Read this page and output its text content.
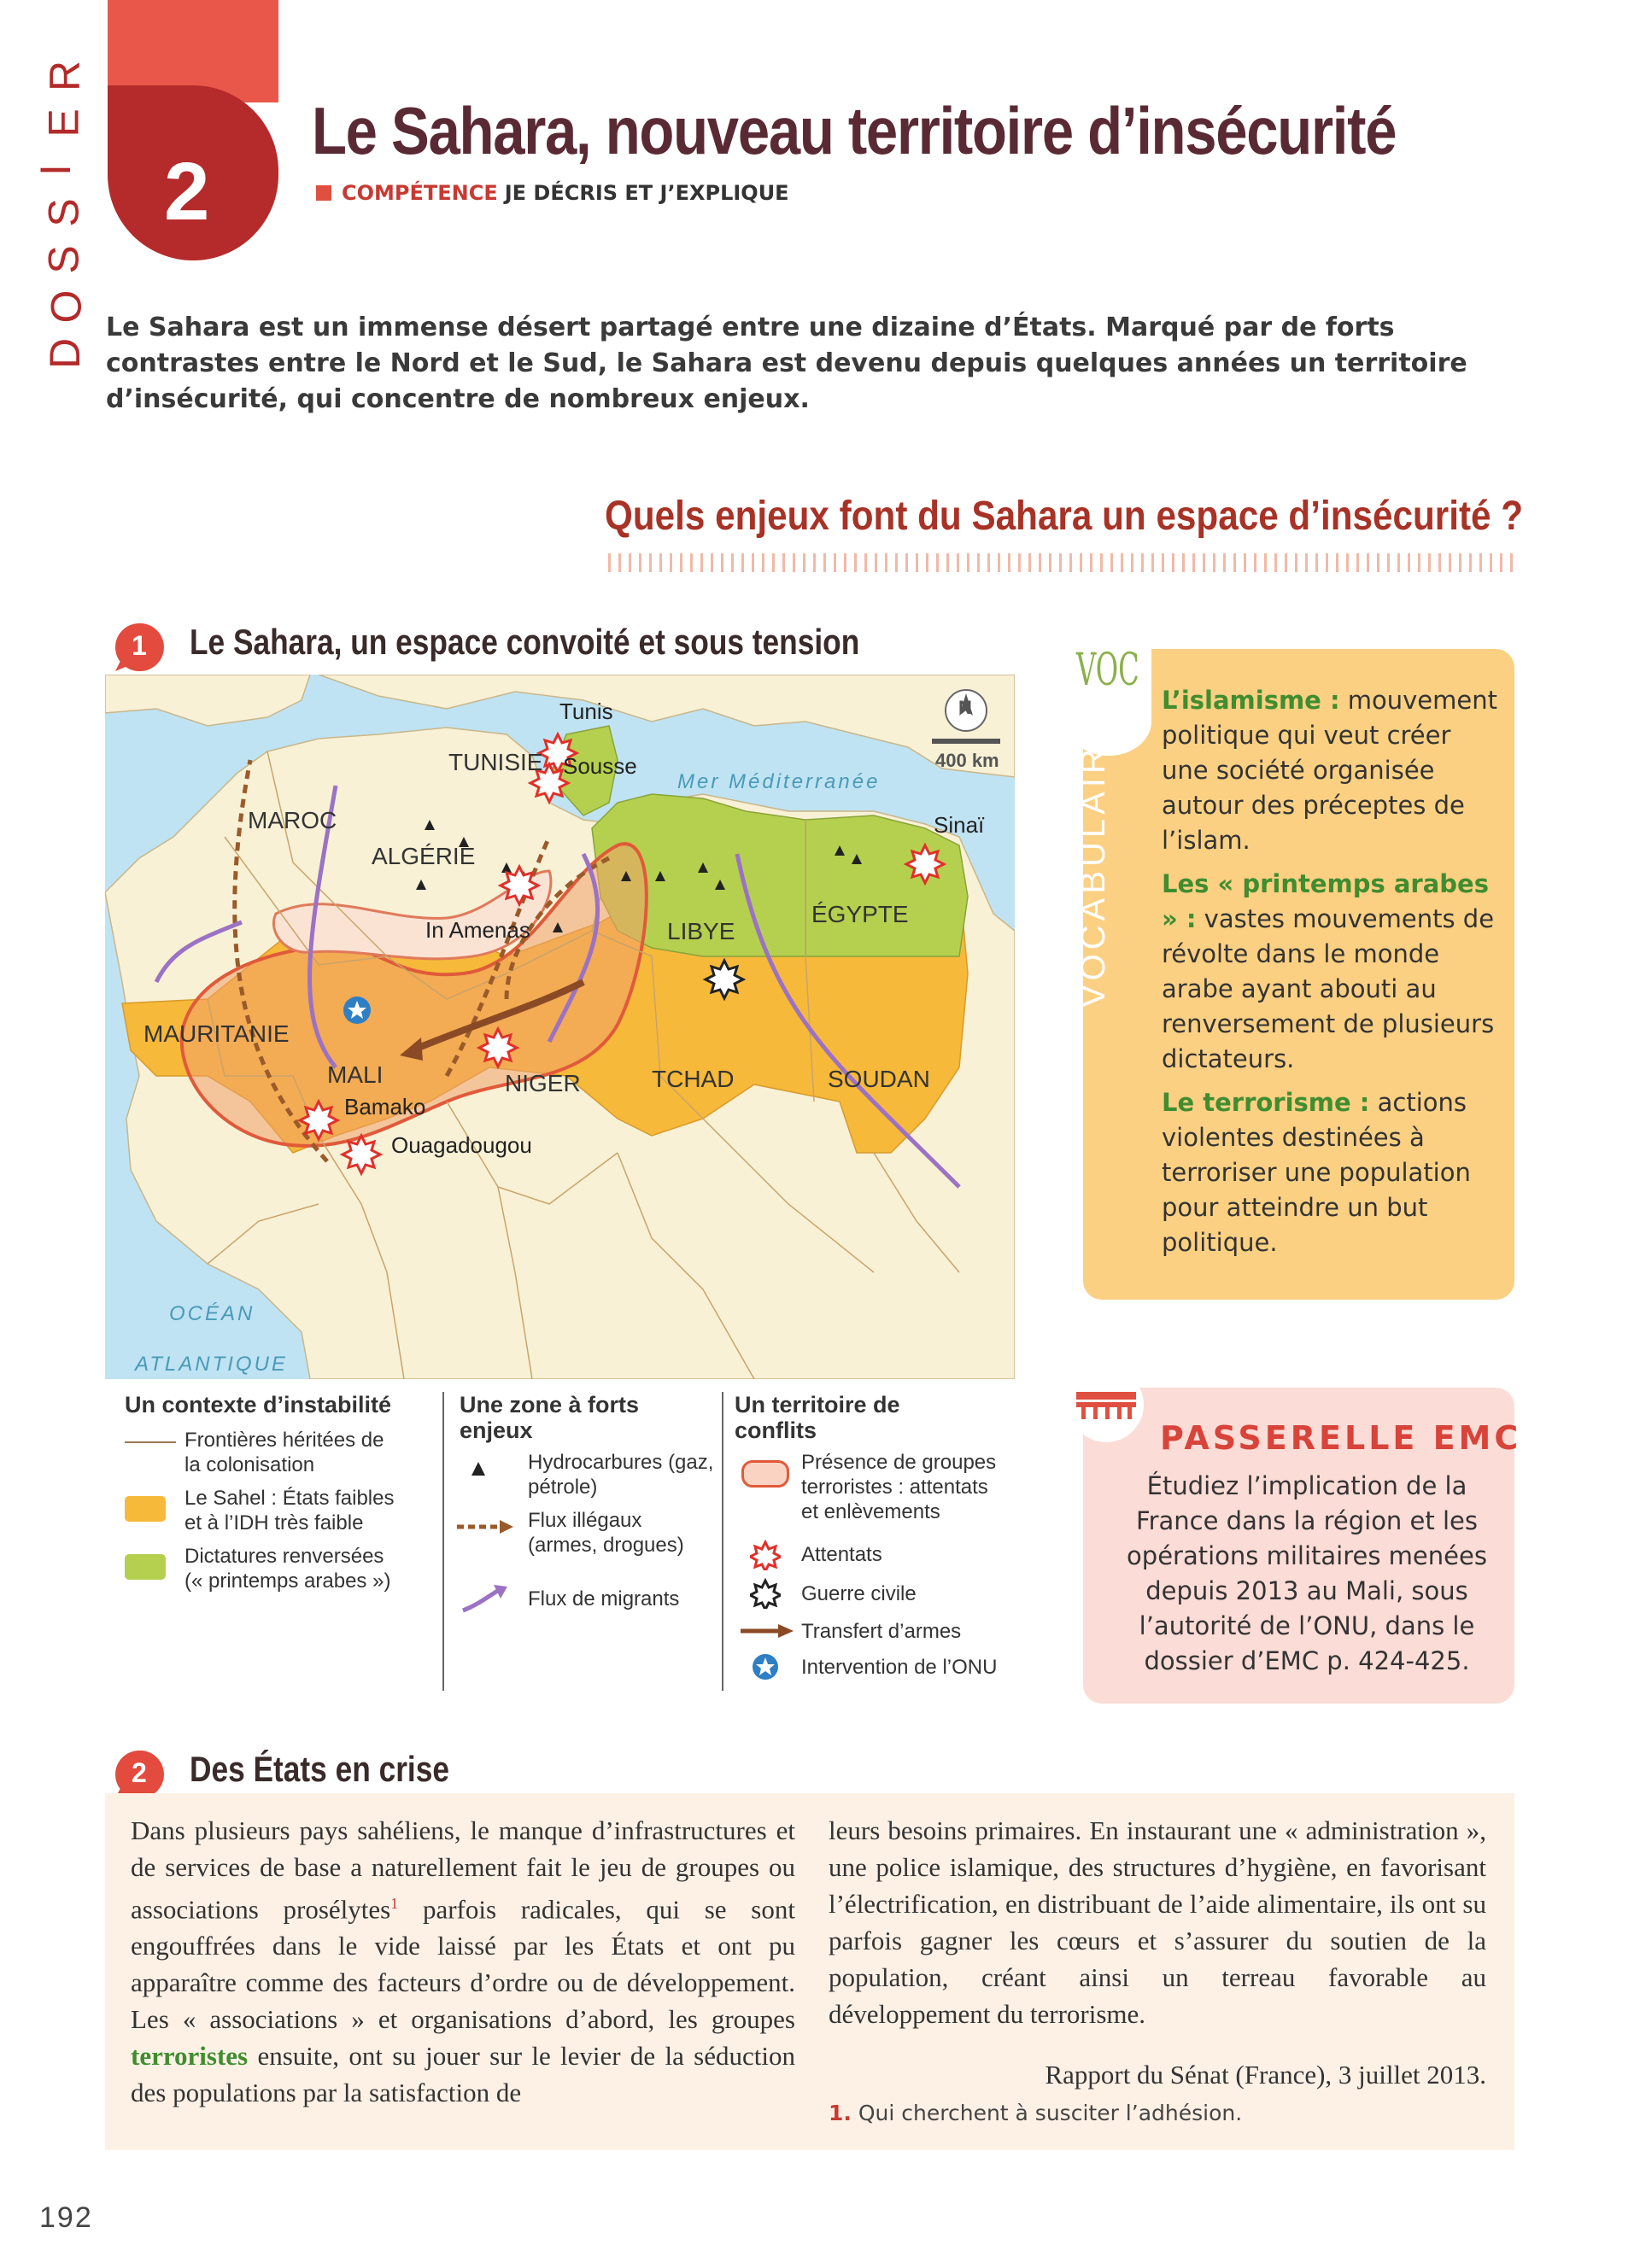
D
O
S
S
I
E
R
2
Le Sahara, nouveau territoire d’insécurité
COMPÉTENCE JE DÉCRIS ET J’EXPLIQUE
Le Sahara est un immense désert partagé entre une dizaine d’États. Marqué par de forts contrastes entre le Nord et le Sud, le Sahara est devenu depuis quelques années un territoire d’insécurité, qui concentre de nombreux enjeux.
Quels enjeux font du Sahara un espace d’insécurité ?
1 Le Sahara, un espace convoité et sous tension
N
400 km
Mer Méditerranée
OCÉAN
ATLANTIQUE
MAROC
ALGÉRIE
TUNISIE
LIBYE
ÉGYPTE
MAURITANIE
MALI	NIGER	TCHAD	SOUDAN
Tunis
Sousse
Sinaï
In Amenas
Bamako
Ouagadougou
Un contexte d’instabilité
Frontières héritées de la colonisation
Le Sahel : États faibles et à l’IDH très faible
Dictatures renversées (« printemps arabes »)
Une zone à forts enjeux
Hydrocarbures (gaz, pétrole)
Flux illégaux (armes, drogues)
Flux de migrants
Un territoire de conflits
Présence de groupes terroristes : attentats et enlèvements
Attentats
Guerre civile
Transfert d’armes
Intervention de l’ONU
VOC
VOCABULAIRE

L’islamisme : mouvement politique qui veut créer une société organisée autour des préceptes de l’islam.

Les « printemps arabes » : vastes mouvements de révolte dans le monde arabe ayant abouti au renversement de plusieurs dictateurs.

Le terrorisme : actions violentes destinées à terroriser une population pour atteindre un but politique.

PASSERELLE EMC
Étudiez l’implication de la France dans la région et les opérations militaires menées depuis 2013 au Mali, sous l’autorité de l’ONU, dans le dossier d’EMC p. 424-425.
2 Des États en crise
Dans plusieurs pays sahéliens, le manque d’infrastructures et de services de base a naturellement fait le jeu de groupes ou associations prosélytes$^1$ parfois radicales, qui se sont engouffrées dans le vide laissé par les États et ont pu apparaître comme des facteurs d’ordre ou de développement. Les « associations » et organisations d’abord, les groupes terroristes ensuite, ont su jouer sur le levier de la séduction des populations par la satisfaction de
leurs besoins primaires. En instaurant une « administration », une police islamique, des structures d’hygiène, en favorisant l’électrification, en distribuant de l’aide alimentaire, ils ont su parfois gagner les cœurs et s’assurer du soutien de la population, créant ainsi un terreau favorable au développement du terrorisme.
Rapport du Sénat (France), 3 juillet 2013.
1. Qui cherchent à susciter l’adhésion.
192
